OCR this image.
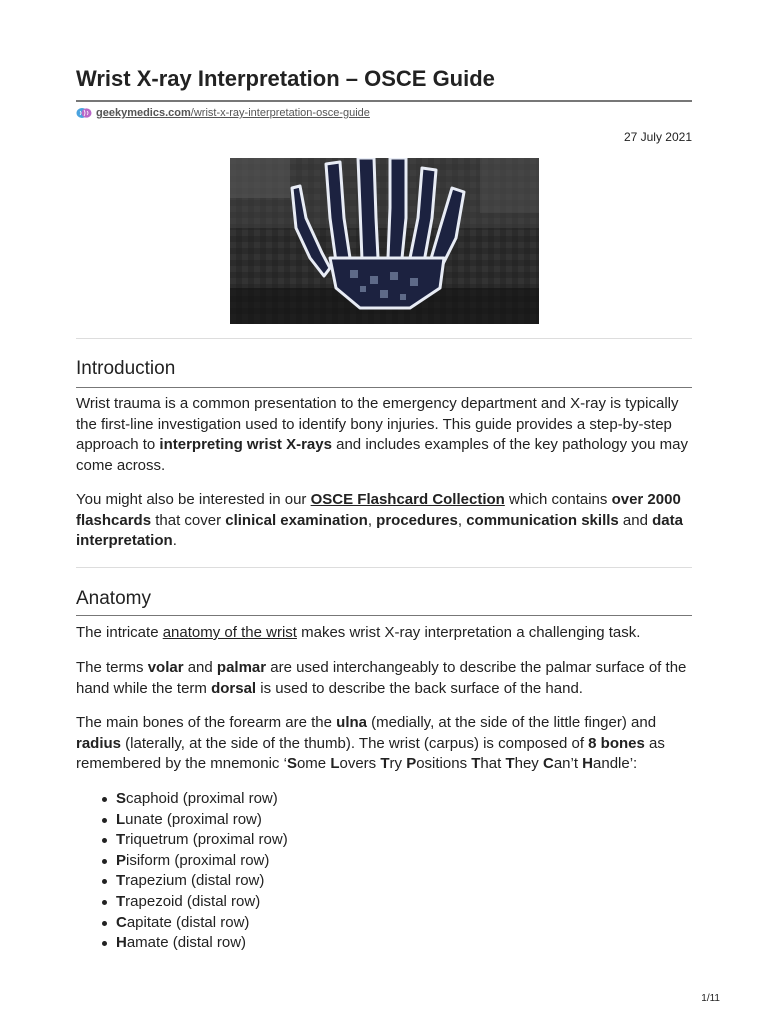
Wrist X-ray Interpretation – OSCE Guide
geekymedics.com/wrist-x-ray-interpretation-osce-guide
27 July 2021
Introduction

Wrist trauma is a common presentation to the emergency department and X-ray is typically the first-line investigation used to identify bony injuries. This guide provides a step-by-step approach to interpreting wrist X-rays and includes examples of the key pathology you may come across.

You might also be interested in our OSCE Flashcard Collection which contains over 2000 flashcards that cover clinical examination, procedures, communication skills and data interpretation.

Anatomy

The intricate anatomy of the wrist makes wrist X-ray interpretation a challenging task.

The terms volar and palmar are used interchangeably to describe the palmar surface of the hand while the term dorsal is used to describe the back surface of the hand.

The main bones of the forearm are the ulna (medially, at the side of the little finger) and radius (laterally, at the side of the thumb). The wrist (carpus) is composed of 8 bones as remembered by the mnemonic ‘Some Lovers Try Positions That They Can’t Handle’:

Scaphoid (proximal row)
Lunate (proximal row)
Triquetrum (proximal row)
Pisiform (proximal row)
Trapezium (distal row)
Trapezoid (distal row)
Capitate (distal row)
Hamate (distal row)
1/11
